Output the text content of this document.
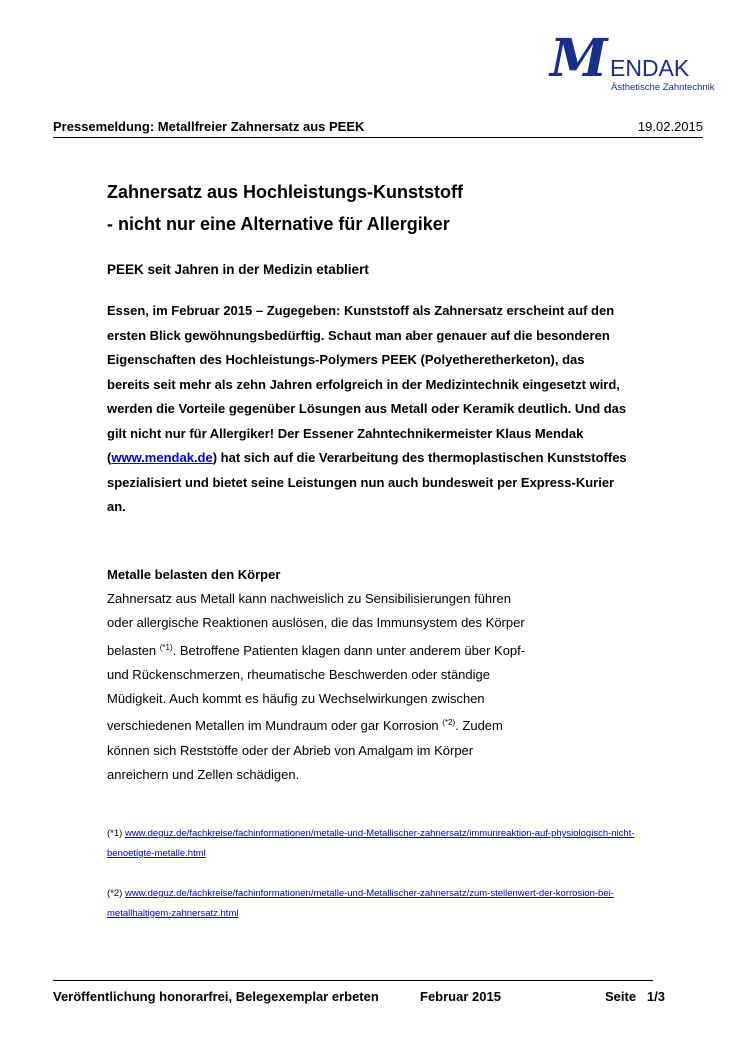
M ENDAK
Ästhetische Zahntechnik
Pressemeldung: Metallfreier Zahnersatz aus PEEK	19.02.2015
Zahnersatz aus Hochleistungs-Kunststoff
- nicht nur eine Alternative für Allergiker
PEEK seit Jahren in der Medizin etabliert
Essen, im Februar 2015 – Zugegeben: Kunststoff als Zahnersatz erscheint auf den ersten Blick gewöhnungsbedürftig. Schaut man aber genauer auf die besonderen Eigenschaften des Hochleistungs-Polymers PEEK (Polyetheretherketon), das bereits seit mehr als zehn Jahren erfolgreich in der Medizintechnik eingesetzt wird, werden die Vorteile gegenüber Lösungen aus Metall oder Keramik deutlich. Und das gilt nicht nur für Allergiker! Der Essener Zahntechnikermeister Klaus Mendak (www.mendak.de) hat sich auf die Verarbeitung des thermoplastischen Kunststoffes spezialisiert und bietet seine Leistungen nun auch bundesweit per Express-Kurier an.
Metalle belasten den Körper
Zahnersatz aus Metall kann nachweislich zu Sensibilisierungen führen oder allergische Reaktionen auslösen, die das Immunsystem des Körper belasten $^{(*1)}$. Betroffene Patienten klagen dann unter anderem über Kopf- und Rückenschmerzen, rheumatische Beschwerden oder ständige Müdigkeit. Auch kommt es häufig zu Wechselwirkungen zwischen verschiedenen Metallen im Mundraum oder gar Korrosion $^{(*2)}$. Zudem können sich Reststoffe oder der Abrieb von Amalgam im Körper anreichern und Zellen schädigen.
(*1) www.deguz.de/fachkreise/fachinformationen/metalle-und-Metallischer-zahnersatz/immunreaktion-auf-physiologisch-nicht-benoetigte-metalle.html
(*2) www.deguz.de/fachkreise/fachinformationen/metalle-und-Metallischer-zahnersatz/zum-stellenwert-der-korrosion-bei-metallhaltigem-zahnersatz.html
Veröffentlichung honorarfrei, Belegexemplar erbeten	Februar 2015	Seite   1/3
